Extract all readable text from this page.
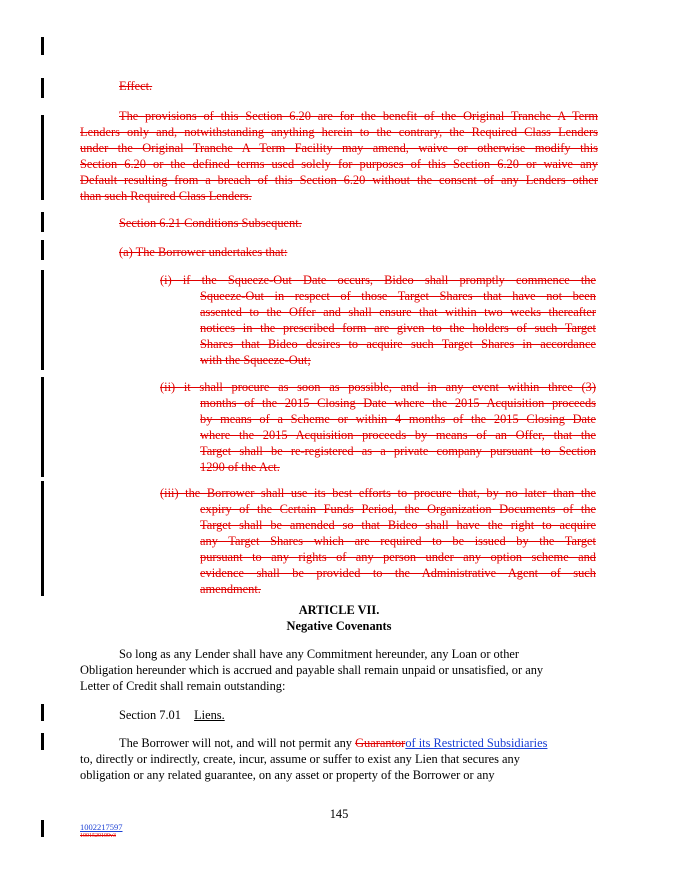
Effect.
The provisions of this Section 6.20 are for the benefit of the Original Tranche A Term
Lenders only and, notwithstanding anything herein to the contrary, the Required Class Lenders
under the Original Tranche A Term Facility may amend, waive or otherwise modify this
Section 6.20 or the defined terms used solely for purposes of this Section 6.20 or waive any
Default resulting from a breach of this Section 6.20 without the consent of any Lenders other
than such Required Class Lenders.
Section 6.21 Conditions Subsequent.
(a) The Borrower undertakes that:
(i) if the Squeeze-Out Date occurs, Bideo shall promptly commence the
Squeeze-Out in respect of those Target Shares that have not been
assented to the Offer and shall ensure that within two weeks thereafter
notices in the prescribed form are given to the holders of such Target
Shares that Bideo desires to acquire such Target Shares in accordance
with the Squeeze-Out;
(ii) it shall procure as soon as possible, and in any event within three (3)
months of the 2015 Closing Date where the 2015 Acquisition proceeds
by means of a Scheme or within 4 months of the 2015 Closing Date
where the 2015 Acquisition proceeds by means of an Offer, that the
Target shall be re-registered as a private company pursuant to Section
1290 of the Act.
(iii) the Borrower shall use its best efforts to procure that, by no later than the
expiry of the Certain Funds Period, the Organization Documents of the
Target shall be amended so that Bideo shall have the right to acquire
any Target Shares which are required to be issued by the Target
pursuant to any rights of any person under any option scheme and
evidence shall be provided to the Administrative Agent of such
amendment.
ARTICLE VII.
Negative Covenants
So long as any Lender shall have any Commitment hereunder, any Loan or other
Obligation hereunder which is accrued and payable shall remain unpaid or unsatisfied, or any
Letter of Credit shall remain outstanding:
Section 7.01 Liens.
The Borrower will not, and will not permit any Guarantorof its Restricted Subsidiaries
to, directly or indirectly, create, incur, assume or suffer to exist any Lien that secures any
obligation or any related guarantee, on any asset or property of the Borrower or any
145
1002217597
1001520109v3
